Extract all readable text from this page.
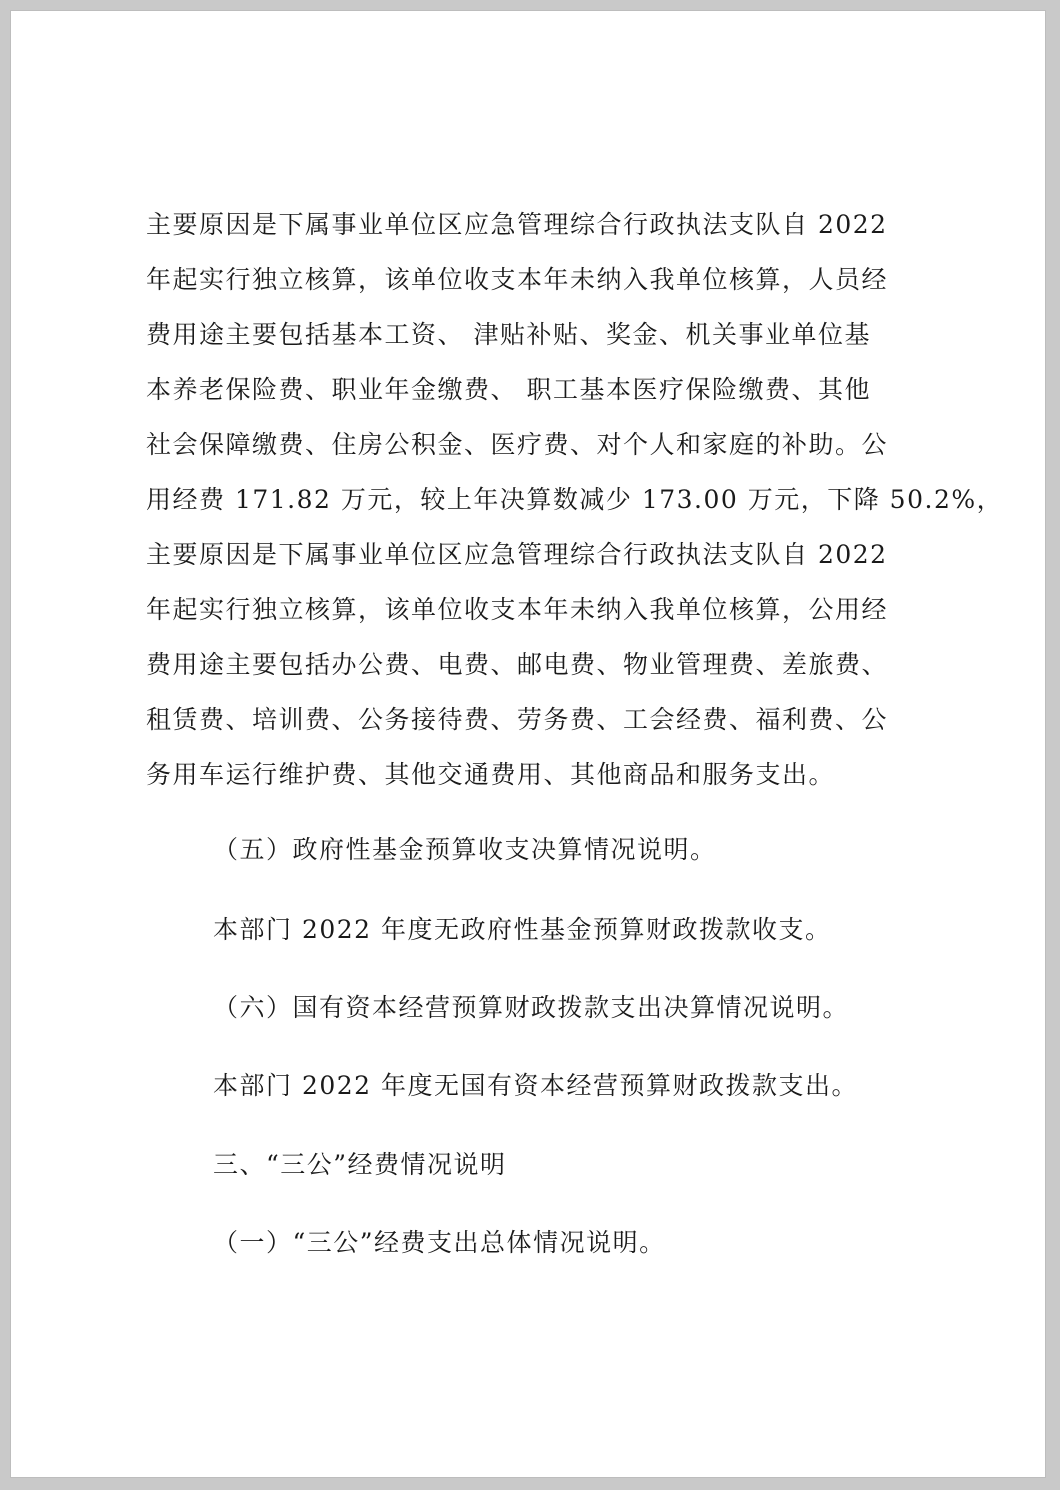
主要原因是下属事业单位区应急管理综合行政执法支队自 2022
年起实行独立核算，该单位收支本年未纳入我单位核算，人员经
费用途主要包括基本工资、 津贴补贴、奖金、机关事业单位基
本养老保险费、职业年金缴费、 职工基本医疗保险缴费、其他
社会保障缴费、住房公积金、医疗费、对个人和家庭的补助。公
用经费 171.82 万元，较上年决算数减少 173.00 万元，下降 50.2%，
主要原因是下属事业单位区应急管理综合行政执法支队自 2022
年起实行独立核算，该单位收支本年未纳入我单位核算，公用经
费用途主要包括办公费、电费、邮电费、物业管理费、差旅费、
租赁费、培训费、公务接待费、劳务费、工会经费、福利费、公
务用车运行维护费、其他交通费用、其他商品和服务支出。
（五）政府性基金预算收支决算情况说明。
本部门 2022 年度无政府性基金预算财政拨款收支。
（六）国有资本经营预算财政拨款支出决算情况说明。
本部门 2022 年度无国有资本经营预算财政拨款支出。
三、“三公”经费情况说明
（一）“三公”经费支出总体情况说明。
